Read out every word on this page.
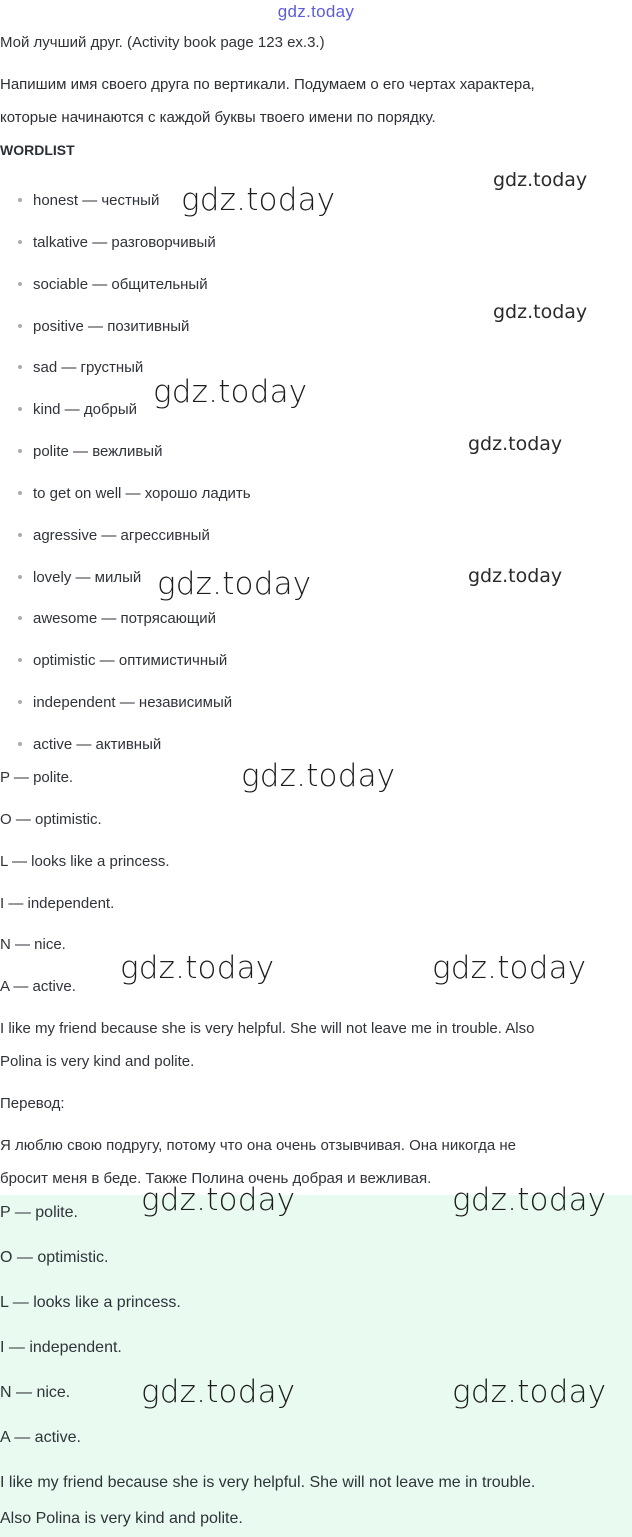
gdz.today
Мой лучший друг. (Activity book page 123 ex.3.)
Напишим имя своего друга по вертикали. Подумаем о его чертах характера,
которые начинаются с каждой буквы твоего имени по порядку.
WORDLIST
honest — честный
talkative — разговорчивый
sociable — общительный
positive — позитивный
sad — грустный
kind — добрый
polite — вежливый
to get on well — хорошо ладить
agressive — агрессивный
lovely — милый
awesome — потрясающий
optimistic — оптимистичный
independent — независимый
active — активный
P — polite.
O — optimistic.
L — looks like a princess.
I — independent.
N — nice.
A — active.
I like my friend because she is very helpful. She will not leave me in trouble. Also
Polina is very kind and polite.
Перевод:
Я люблю свою подругу, потому что она очень отзывчивая. Она никогда не
бросит меня в беде. Также Полина очень добрая и вежливая.
P — polite.
O — optimistic.
L — looks like a princess.
I — independent.
N — nice.
A — active.
I like my friend because she is very helpful. She will not leave me in trouble.
Also Polina is very kind and polite.
gdz.today
gdz.today
gdz.today
gdz.today
gdz.today
gdz.today	gdz.today
gdz.today
gdz.today	gdz.today
gdz.today	gdz.today
gdz.today	gdz.today
